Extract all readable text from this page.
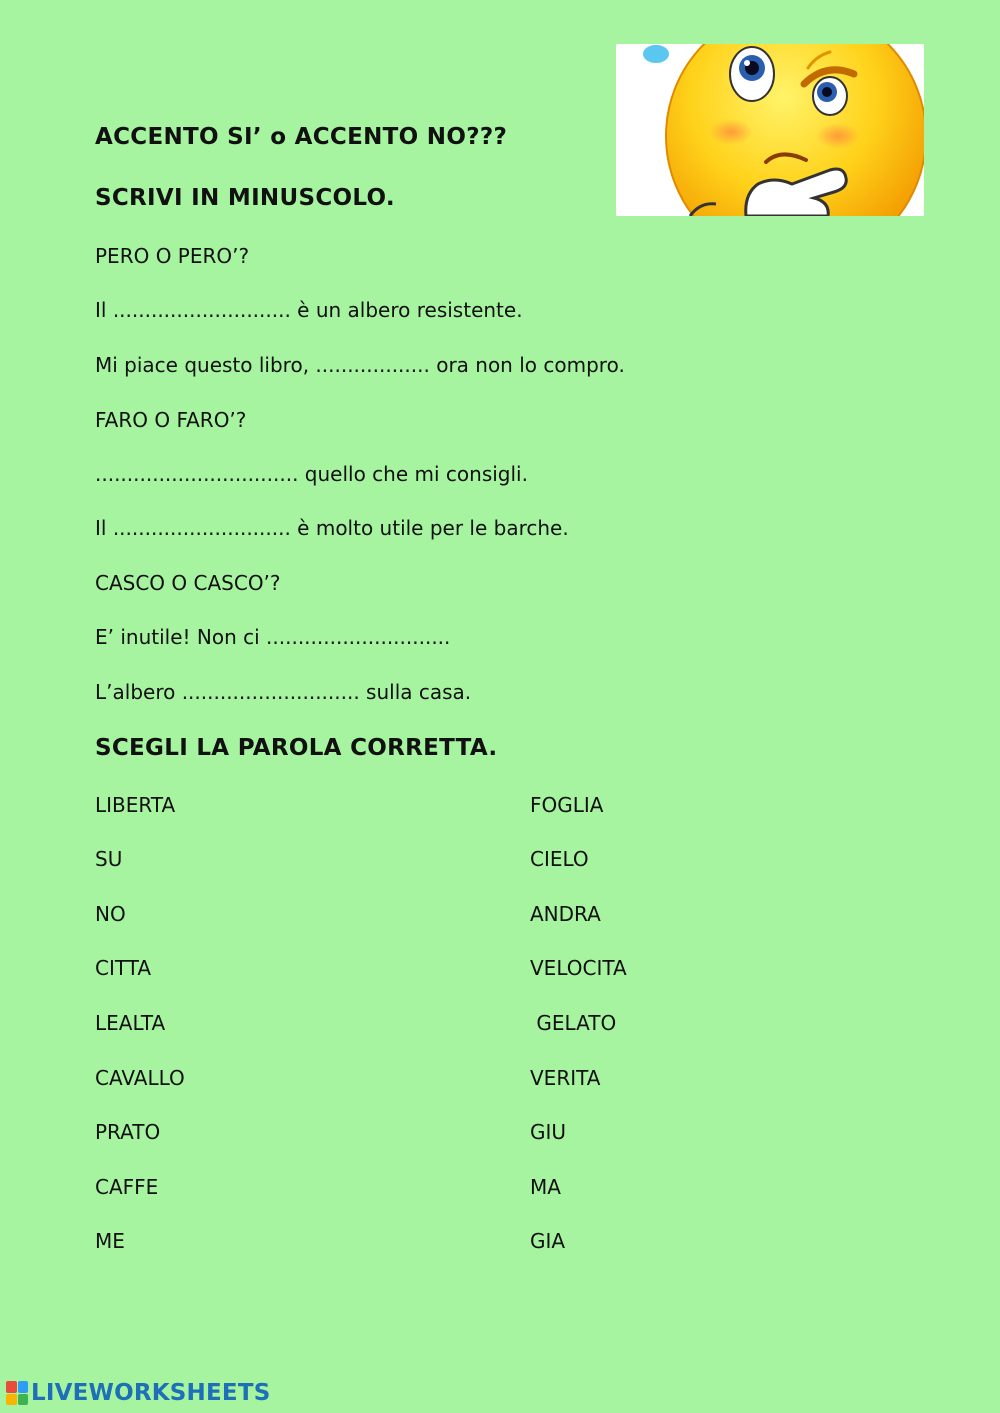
ACCENTO SI’ o ACCENTO NO???
SCRIVI IN MINUSCOLO.
PERO O PERO’?
Il ............................ è un albero resistente.
Mi piace questo libro, .................. ora non lo compro.
FARO O FARO’?
................................ quello che mi consigli.
Il ............................ è molto utile per le barche.
CASCO O CASCO’?
E’ inutile! Non ci .............................
L’albero ............................ sulla casa.
SCEGLI LA PAROLA CORRETTA.
LIBERTA
SU
NO
CITTA
LEALTA
CAVALLO
PRATO
CAFFE
ME
FOGLIA
CIELO
ANDRA
VELOCITA
GELATO
VERITA
GIU
MA
GIA
LIVEWORKSHEETS
